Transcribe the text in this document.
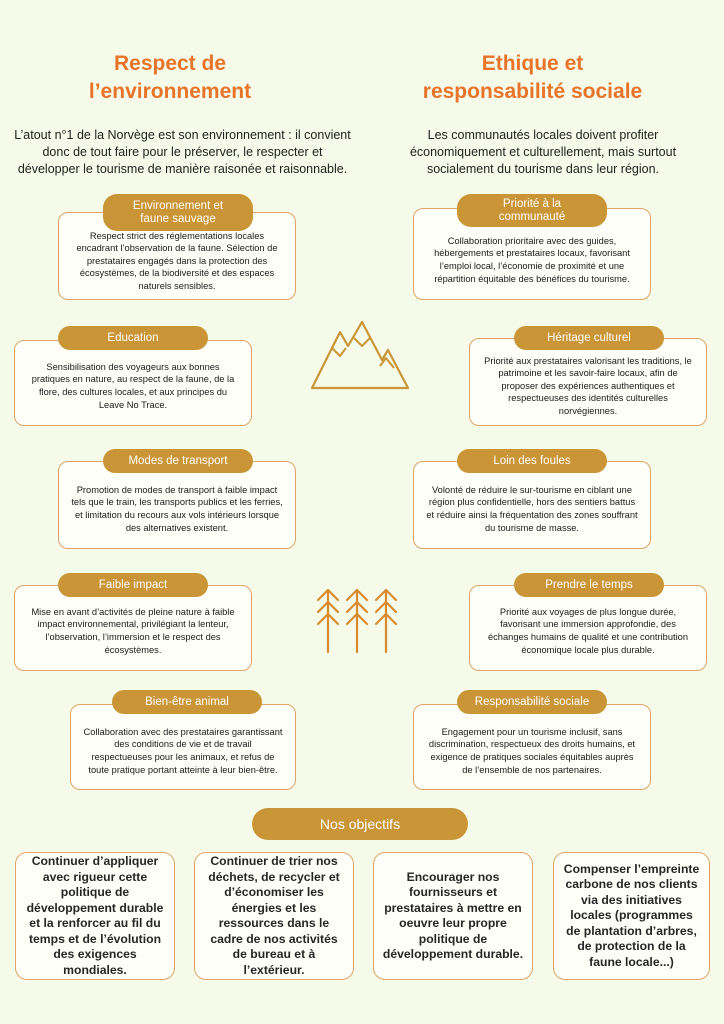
Respect de
l’environnement
Ethique et
responsabilité sociale
L’atout n°1 de la Norvège est son environnement : il convient donc de tout faire pour le préserver, le respecter et développer le tourisme de manière raisonée et raisonnable.
Les communautés locales doivent profiter économiquement et culturellement, mais surtout socialement du tourisme dans leur région.
Respect strict des réglementations locales encadrant l’observation de la faune. Sélection de prestataires engagés dans la protection des écosystèmes, de la biodiversité et des espaces naturels sensibles.
Environnement et
faune sauvage
Sensibilisation des voyageurs aux bonnes pratiques en nature, au respect de la faune, de la flore, des cultures locales, et aux principes du Leave No Trace.
Education
Promotion de modes de transport à faible impact tels que le train, les transports publics et les ferries, et limitation du recours aux vols intérieurs lorsque des alternatives existent.
Modes de transport
Mise en avant d’activités de pleine nature à faible impact environnemental, privilégiant la lenteur, l’observation, l’immersion et le respect des écosystèmes.
Faible impact
Collaboration avec des prestataires garantissant des conditions de vie et de travail respectueuses pour les animaux, et refus de toute pratique portant atteinte à leur bien-être.
Bien-être animal
Collaboration prioritaire avec des guides, hébergements et prestataires locaux, favorisant l’emploi local, l’économie de proximité et une répartition équitable des bénéfices du tourisme.
Priorité à la
communauté
Priorité aux prestataires valorisant les traditions, le patrimoine et les savoir-faire locaux, afin de proposer des expériences authentiques et respectueuses des identités culturelles norvégiennes.
Héritage culturel
Volonté de réduire le sur-tourisme en ciblant une région plus confidentielle, hors des sentiers battus et réduire ainsi la fréquentation des zones souffrant du tourisme de masse.
Loin des foules
Priorité aux voyages de plus longue durée, favorisant une immersion approfondie, des échanges humains de qualité et une contribution économique locale plus durable.
Prendre le temps
Engagement pour un tourisme inclusif, sans discrimination, respectueux des droits humains, et exigence de pratiques sociales équitables auprès de l’ensemble de nos partenaires.
Responsabilité sociale
Nos objectifs
Continuer d’appliquer avec rigueur cette politique de développement durable et la renforcer au fil du temps et de l’évolution des exigences mondiales.
Continuer de trier nos déchets, de recycler et d’économiser les énergies et les ressources dans le cadre de nos activités de bureau et à l’extérieur.
Encourager nos fournisseurs et prestataires à mettre en oeuvre leur propre politique de développement durable.
Compenser l’empreinte carbone de nos clients via des initiatives locales (programmes de plantation d’arbres, de protection de la faune locale...)
